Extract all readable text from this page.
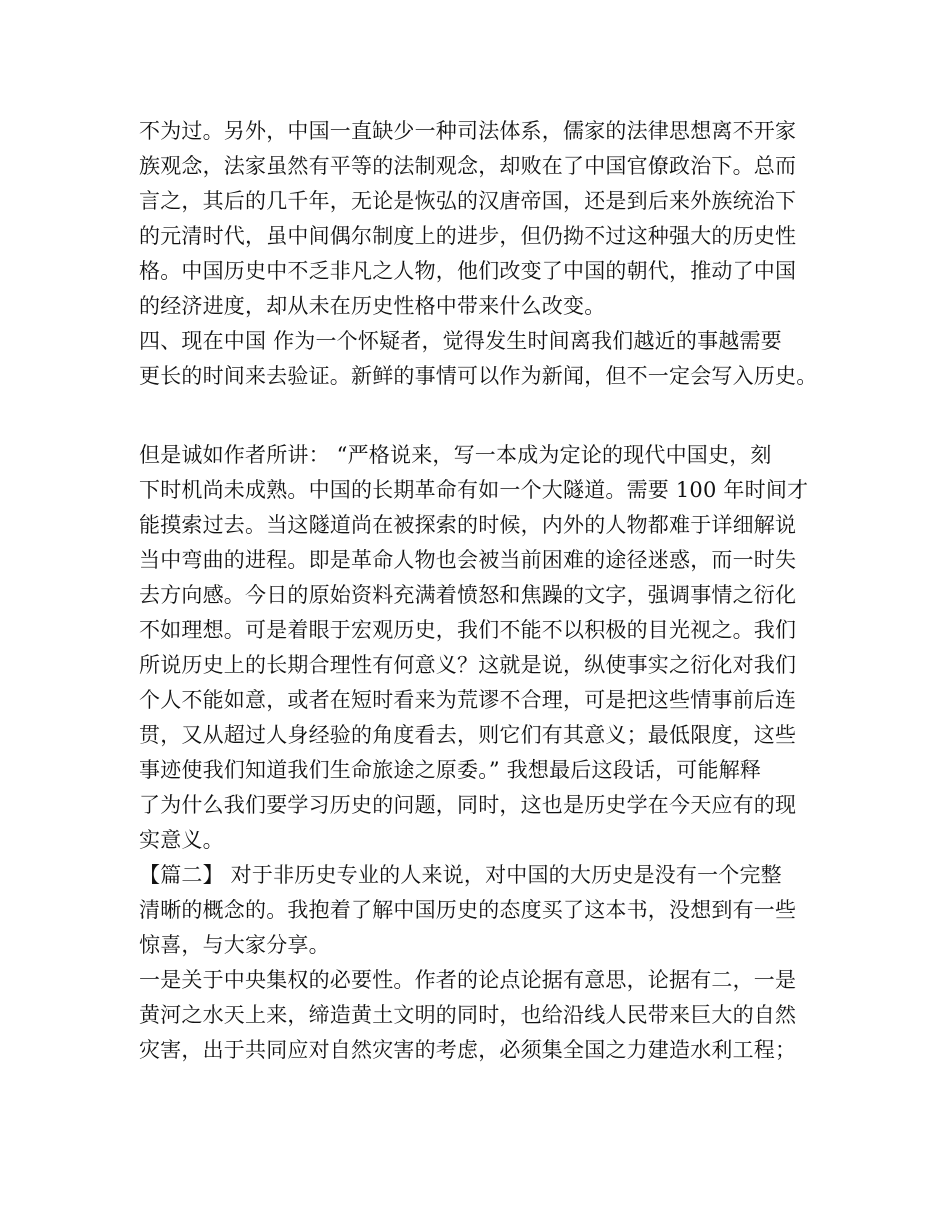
不为过。另外，中国一直缺少一种司法体系，儒家的法律思想离不开家
族观念，法家虽然有平等的法制观念，却败在了中国官僚政治下。总而
言之，其后的几千年，无论是恢弘的汉唐帝国，还是到后来外族统治下
的元清时代，虽中间偶尔制度上的进步，但仍拗不过这种强大的历史性
格。中国历史中不乏非凡之人物，他们改变了中国的朝代，推动了中国
的经济进度，却从未在历史性格中带来什么改变。
四、现在中国 作为一个怀疑者，觉得发生时间离我们越近的事越需要
更长的时间来去验证。新鲜的事情可以作为新闻，但不一定会写入历史。
但是诚如作者所讲： “严格说来，写一本成为定论的现代中国史，刻
下时机尚未成熟。中国的长期革命有如一个大隧道。需要 100 年时间才
能摸索过去。当这隧道尚在被探索的时候，内外的人物都难于详细解说
当中弯曲的进程。即是革命人物也会被当前困难的途径迷惑，而一时失
去方向感。今日的原始资料充满着愤怒和焦躁的文字，强调事情之衍化
不如理想。可是着眼于宏观历史，我们不能不以积极的目光视之。我们
所说历史上的长期合理性有何意义？这就是说，纵使事实之衍化对我们
个人不能如意，或者在短时看来为荒谬不合理，可是把这些情事前后连
贯，又从超过人身经验的角度看去，则它们有其意义；最低限度，这些
事迹使我们知道我们生命旅途之原委。” 我想最后这段话，可能解释
了为什么我们要学习历史的问题，同时，这也是历史学在今天应有的现
实意义。
【篇二】 对于非历史专业的人来说，对中国的大历史是没有一个完整
清晰的概念的。我抱着了解中国历史的态度买了这本书，没想到有一些
惊喜，与大家分享。
一是关于中央集权的必要性。作者的论点论据有意思，论据有二，一是
黄河之水天上来，缔造黄土文明的同时，也给沿线人民带来巨大的自然
灾害，出于共同应对自然灾害的考虑，必须集全国之力建造水利工程；
